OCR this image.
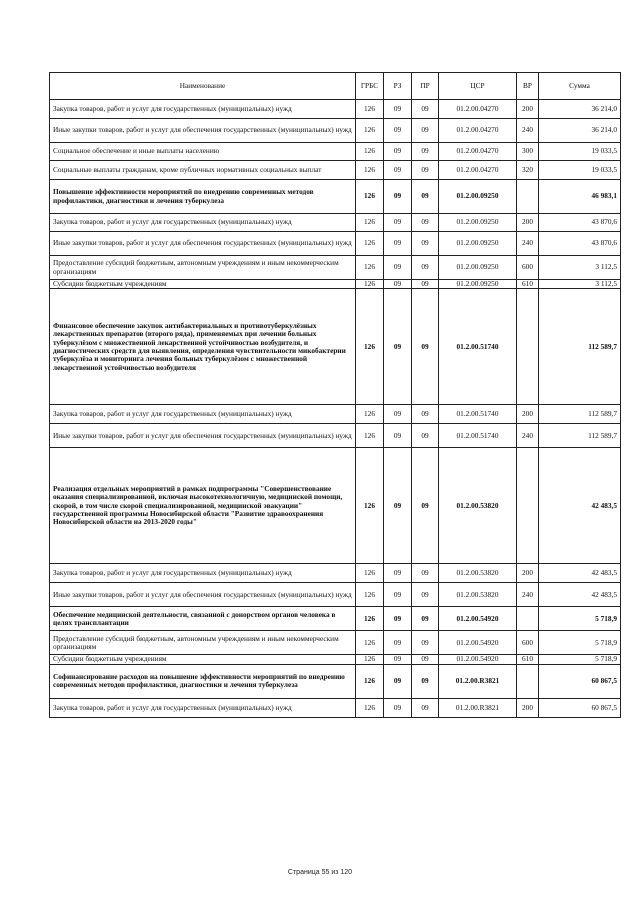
Наименование	ГРБС	РЗ	ПР	ЦСР	ВР	Сумма
Закупка товаров, работ и услуг для государственных (муниципальных) нужд	126	09	09	01.2.00.04270	200	36 214,0
Иные закупки товаров, работ и услуг для обеспечения государственных (муниципальных) нужд	126	09	09	01.2.00.04270	240	36 214,0
Социальное обеспечение и иные выплаты населению	126	09	09	01.2.00.04270	300	19 033,5
Социальные выплаты гражданам, кроме публичных нормативных социальных выплат	126	09	09	01.2.00.04270	320	19 033,5
Повышение эффективности мероприятий по внедрению современных методов профилактики, диагностики и лечения туберкулеза	126	09	09	01.2.00.09250		46 983,1
Закупка товаров, работ и услуг для государственных (муниципальных) нужд	126	09	09	01.2.00.09250	200	43 870,6
Иные закупки товаров, работ и услуг для обеспечения государственных (муниципальных) нужд	126	09	09	01.2.00.09250	240	43 870,6
Предоставление субсидий бюджетным, автономным учреждениям и иным некоммерческим организациям	126	09	09	01.2.00.09250	600	3 112,5
Субсидии бюджетным учреждениям	126	09	09	01.2.00.09250	610	3 112,5
Финансовое обеспечение закупок антибактериальных и противотуберкулёзных лекарственных препаратов (второго ряда), применяемых при лечении больных туберкулёзом с множественной лекарственной устойчивостью возбудителя, и диагностических средств для выявления, определения чувствительности микобактерии туберкулёза и мониторинга лечения больных туберкулёзом с множественной лекарственной устойчивостью возбудителя	126	09	09	01.2.00.51740		112 589,7
Закупка товаров, работ и услуг для государственных (муниципальных) нужд	126	09	09	01.2.00.51740	200	112 589,7
Иные закупки товаров, работ и услуг для обеспечения государственных (муниципальных) нужд	126	09	09	01.2.00.51740	240	112 589,7
Реализация отдельных мероприятий в рамках подпрограммы "Совершенствование оказания специализированной, включая высокотехнологичную, медицинской помощи, скорой, в том числе скорой специализированной, медицинской эвакуации" государственной программы Новосибирской области "Развитие здравоохранения Новосибирской области на 2013-2020 годы"	126	09	09	01.2.00.53820		42 483,5
Закупка товаров, работ и услуг для государственных (муниципальных) нужд	126	09	09	01.2.00.53820	200	42 483,5
Иные закупки товаров, работ и услуг для обеспечения государственных (муниципальных) нужд	126	09	09	01.2.00.53820	240	42 483,5
Обеспечение медицинской деятельности, связанной с донорством органов человека в целях трансплантации	126	09	09	01.2.00.54920		5 718,9
Предоставление субсидий бюджетным, автономным учреждениям и иным некоммерческим организациям	126	09	09	01.2.00.54920	600	5 718,9
Субсидии бюджетным учреждениям	126	09	09	01.2.00.54920	610	5 718,9
Софинансирование расходов на повышение эффективности мероприятий по внедрению современных методов профилактики, диагностики и лечения туберкулеза	126	09	09	01.2.00.R3821		60 867,5
Закупка товаров, работ и услуг для государственных (муниципальных) нужд	126	09	09	01.2.00.R3821	200	60 867,5
Страница 55 из 120
